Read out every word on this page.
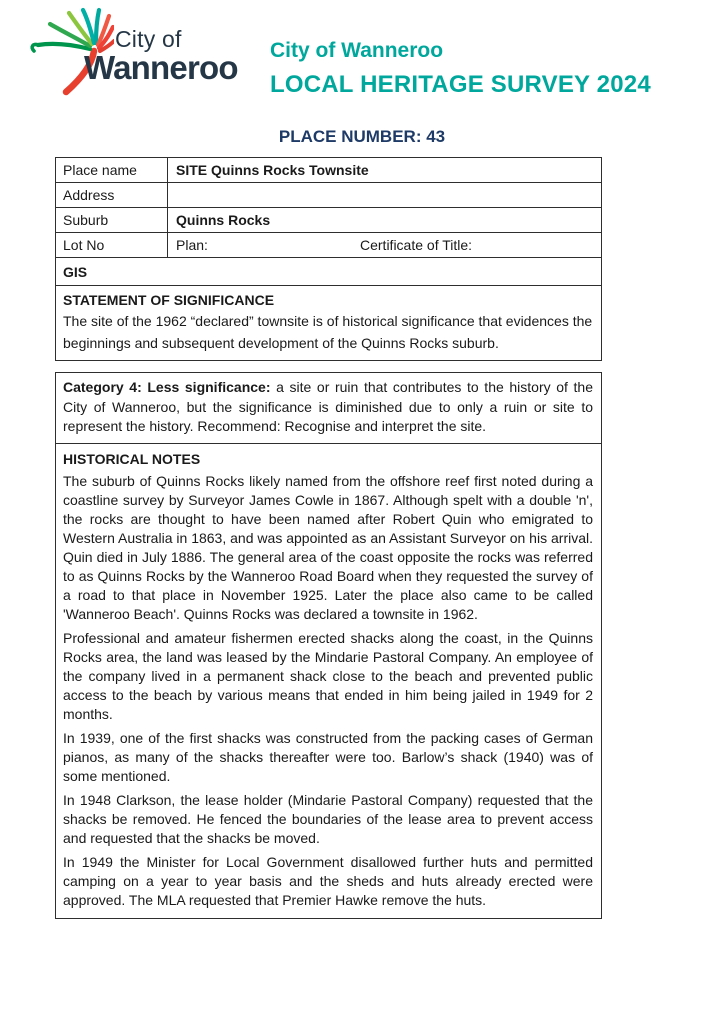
City of
Wanneroo City of Wanneroo
LOCAL HERITAGE SURVEY 2024
PLACE NUMBER: 43
Place name	SITE Quinns Rocks Townsite
Address
Suburb	Quinns Rocks
Lot No	Plan:	Certificate of Title:
GIS
STATEMENT OF SIGNIFICANCE
The site of the 1962 “declared” townsite is of historical significance that evidences the beginnings and subsequent development of the Quinns Rocks suburb.
Category 4: Less significance: a site or ruin that contributes to the history of the City of Wanneroo, but the significance is diminished due to only a ruin or site to represent the history. Recommend: Recognise and interpret the site.
HISTORICAL NOTES

The suburb of Quinns Rocks likely named from the offshore reef first noted during a coastline survey by Surveyor James Cowle in 1867. Although spelt with a double 'n', the rocks are thought to have been named after Robert Quin who emigrated to Western Australia in 1863, and was appointed as an Assistant Surveyor on his arrival. Quin died in July 1886. The general area of the coast opposite the rocks was referred to as Quinns Rocks by the Wanneroo Road Board when they requested the survey of a road to that place in November 1925. Later the place also came to be called 'Wanneroo Beach'. Quinns Rocks was declared a townsite in 1962.

Professional and amateur fishermen erected shacks along the coast, in the Quinns Rocks area, the land was leased by the Mindarie Pastoral Company. An employee of the company lived in a permanent shack close to the beach and prevented public access to the beach by various means that ended in him being jailed in 1949 for 2 months.

In 1939, one of the first shacks was constructed from the packing cases of German pianos, as many of the shacks thereafter were too. Barlow’s shack (1940) was of some mentioned.

In 1948 Clarkson, the lease holder (Mindarie Pastoral Company) requested that the shacks be removed. He fenced the boundaries of the lease area to prevent access and requested that the shacks be moved.

In 1949 the Minister for Local Government disallowed further huts and permitted camping on a year to year basis and the sheds and huts already erected were approved. The MLA requested that Premier Hawke remove the huts.
